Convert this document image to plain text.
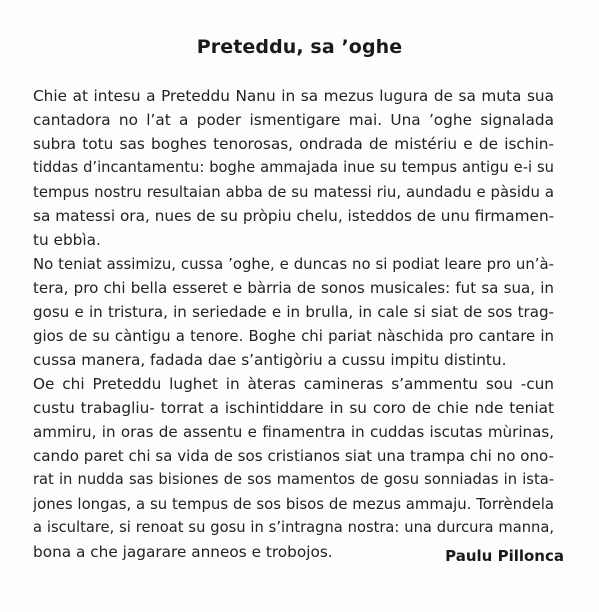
Preteddu, sa ’oghe
Chie at intesu a Preteddu Nanu in sa mezus lugura de sa muta sua
cantadora no l’at a poder ismentigare mai. Una ’oghe signalada
subra totu sas boghes tenorosas, ondrada de mistériu e de ischin-
tiddas d’incantamentu: boghe ammajada inue su tempus antigu e-i su
tempus nostru resultaian abba de su matessi riu, aundadu e pàsidu a
sa matessi ora, nues de su pròpiu chelu, isteddos de unu firmamen-
tu ebbìa.
No teniat assimizu, cussa ’oghe, e duncas no si podiat leare pro un’à-
tera, pro chi bella esseret e bàrria de sonos musicales: fut sa sua, in
gosu e in tristura, in seriedade e in brulla, in cale si siat de sos trag-
gios de su càntigu a tenore. Boghe chi pariat nàschida pro cantare in
cussa manera, fadada dae s’antigòriu a cussu impitu distintu.
Oe chi Preteddu lughet in àteras camineras s’ammentu sou -cun
custu trabagliu- torrat a ischintiddare in su coro de chie nde teniat
ammiru, in oras de assentu e finamentra in cuddas iscutas mùrinas,
cando paret chi sa vida de sos cristianos siat una trampa chi no ono-
rat in nudda sas bisiones de sos mamentos de gosu sonniadas in ista-
jones longas, a su tempus de sos bisos de mezus ammaju. Torrèndela
a iscultare, si renoat su gosu in s’intragna nostra: una durcura manna,
bona a che jagarare anneos e trobojos.	Paulu Pillonca
